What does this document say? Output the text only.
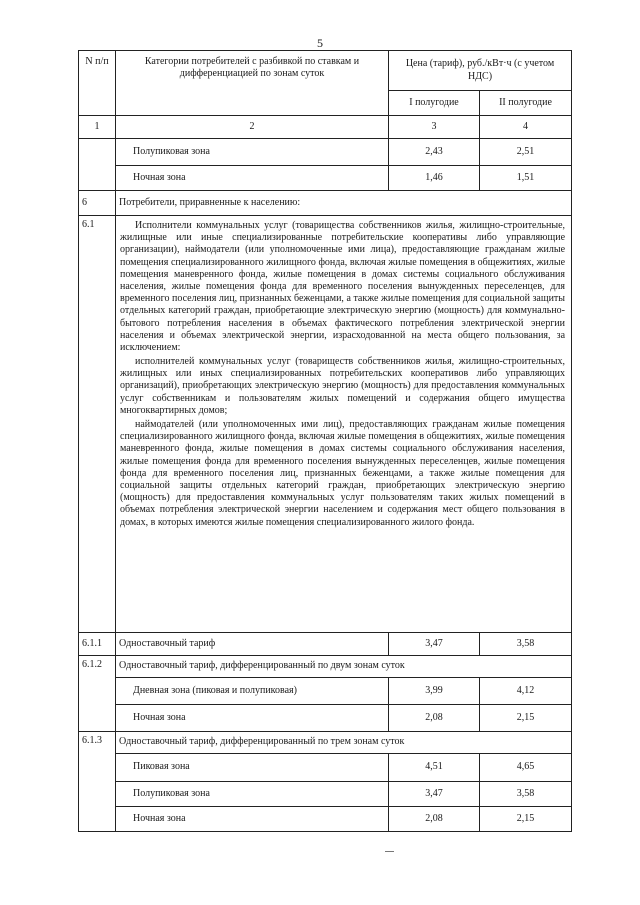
5
N п/п	Категории потребителей с разбивкой по ставкам и дифференциацией по зонам суток	Цена (тариф), руб./кВт·ч (с учетом НДС)	
		I полугодие	II полугодие
1	2	3	4
	Полупиковая зона	2,43	2,51
	Ночная зона	1,46	1,51
6	Потребители, приравненные к населению:		
6.1	Исполнители коммунальных услуг (товарищества собственников жилья, жилищно-строительные, жилищные или иные специализированные потребительские кооперативы либо управляющие организации), наймодатели (или уполномоченные ими лица), предоставляющие гражданам жилые помещения специализированного жилищного фонда, включая жилые помещения в общежитиях, жилые помещения маневренного фонда, жилые помещения в домах системы социального обслуживания населения, жилые помещения фонда для временного поселения вынужденных переселенцев, для временного поселения лиц, признанных беженцами, а также жилые помещения для социальной защиты отдельных категорий граждан, приобретающие электрическую энергию (мощность) для коммунально-бытового потребления населения в объемах фактического потребления электрической энергии населения и объемах электрической энергии, израсходованной на места общего пользования, за исключением:

исполнителей коммунальных услуг (товариществ собственников жилья, жилищно-строительных, жилищных или иных специализированных потребительских кооперативов либо управляющих организаций), приобретающих электрическую энергию (мощность) для предоставления коммунальных услуг собственникам и пользователям жилых помещений и содержания общего имущества многоквартирных домов;

наймодателей (или уполномоченных ими лиц), предоставляющих гражданам жилые помещения специализированного жилищного фонда, включая жилые помещения в общежитиях, жилые помещения маневренного фонда, жилые помещения в домах системы социального обслуживания населения, жилые помещения фонда для временного поселения вынужденных переселенцев, жилые помещения фонда для временного поселения лиц, признанных беженцами, а также жилые помещения для социальной защиты отдельных категорий граждан, приобретающих электрическую энергию (мощность) для предоставления коммунальных услуг пользователям таких жилых помещений в объемах потребления электрической энергии населением и содержания мест общего пользования в домах, в которых имеются жилые помещения специализированного жилого фонда.		

6.1.1	Одноставочный тариф	3,47	3,58
6.1.2	Одноставочный тариф, дифференцированный по двум зонам суток		
	Дневная зона (пиковая и полупиковая)	3,99	4,12
	Ночная зона	2,08	2,15
6.1.3	Одноставочный тариф, дифференцированный по трем зонам суток		
	Пиковая зона	4,51	4,65
	Полупиковая зона	3,47	3,58
	Ночная зона	2,08	2,15
